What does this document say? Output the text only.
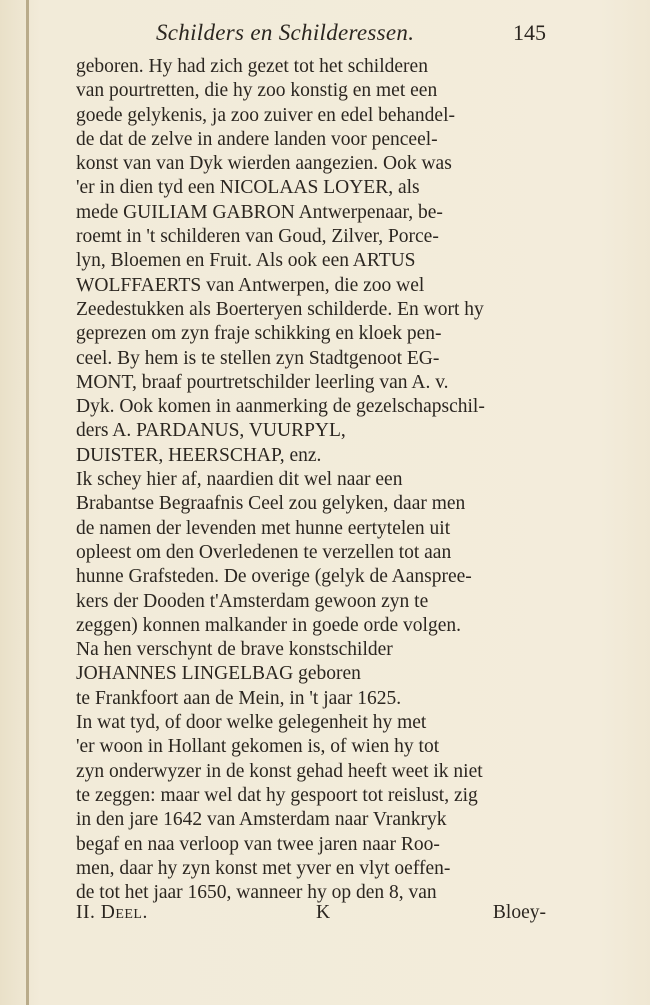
Schilders en Schilderessen.	145
geboren. Hy had zich gezet tot het schilderen
van pourtretten, die hy zoo konstig en met een
goede gelykenis, ja zoo zuiver en edel behandel-
de dat de zelve in andere landen voor penceel-
konst van van Dyk wierden aangezien. Ook was
'er in dien tyd een NICOLAAS LOYER, als
mede GUILIAM GABRON Antwerpenaar, be-
roemt in 't schilderen van Goud, Zilver, Porce-
lyn, Bloemen en Fruit. Als ook een ARTUS
WOLFFAERTS van Antwerpen, die zoo wel
Zeedestukken als Boerteryen schilderde. En wort hy
geprezen om zyn fraje schikking en kloek pen-
ceel. By hem is te stellen zyn Stadtgenoot EG-
MONT, braaf pourtretschilder leerling van A. v.
Dyk. Ook komen in aanmerking de gezelschapschil-
ders A. PARDANUS, VUURPYL,
DUISTER, HEERSCHAP, enz.
Ik schey hier af, naardien dit wel naar een
Brabantse Begraafnis Ceel zou gelyken, daar men
de namen der levenden met hunne eertytelen uit
opleest om den Overledenen te verzellen tot aan
hunne Grafsteden. De overige (gelyk de Aanspree-
kers der Dooden t'Amsterdam gewoon zyn te
zeggen) konnen malkander in goede orde volgen.
Na hen verschynt de brave konstschilder
JOHANNES LINGELBAG geboren
te Frankfoort aan de Mein, in 't jaar 1625.
In wat tyd, of door welke gelegenheit hy met
'er woon in Hollant gekomen is, of wien hy tot
zyn onderwyzer in de konst gehad heeft weet ik niet
te zeggen: maar wel dat hy gespoort tot reislust, zig
in den jare 1642 van Amsterdam naar Vrankryk
begaf en naa verloop van twee jaren naar Roo-
men, daar hy zyn konst met yver en vlyt oeffen-
de tot het jaar 1650, wanneer hy op den 8, van
II. Deel.	K	Bloey-
